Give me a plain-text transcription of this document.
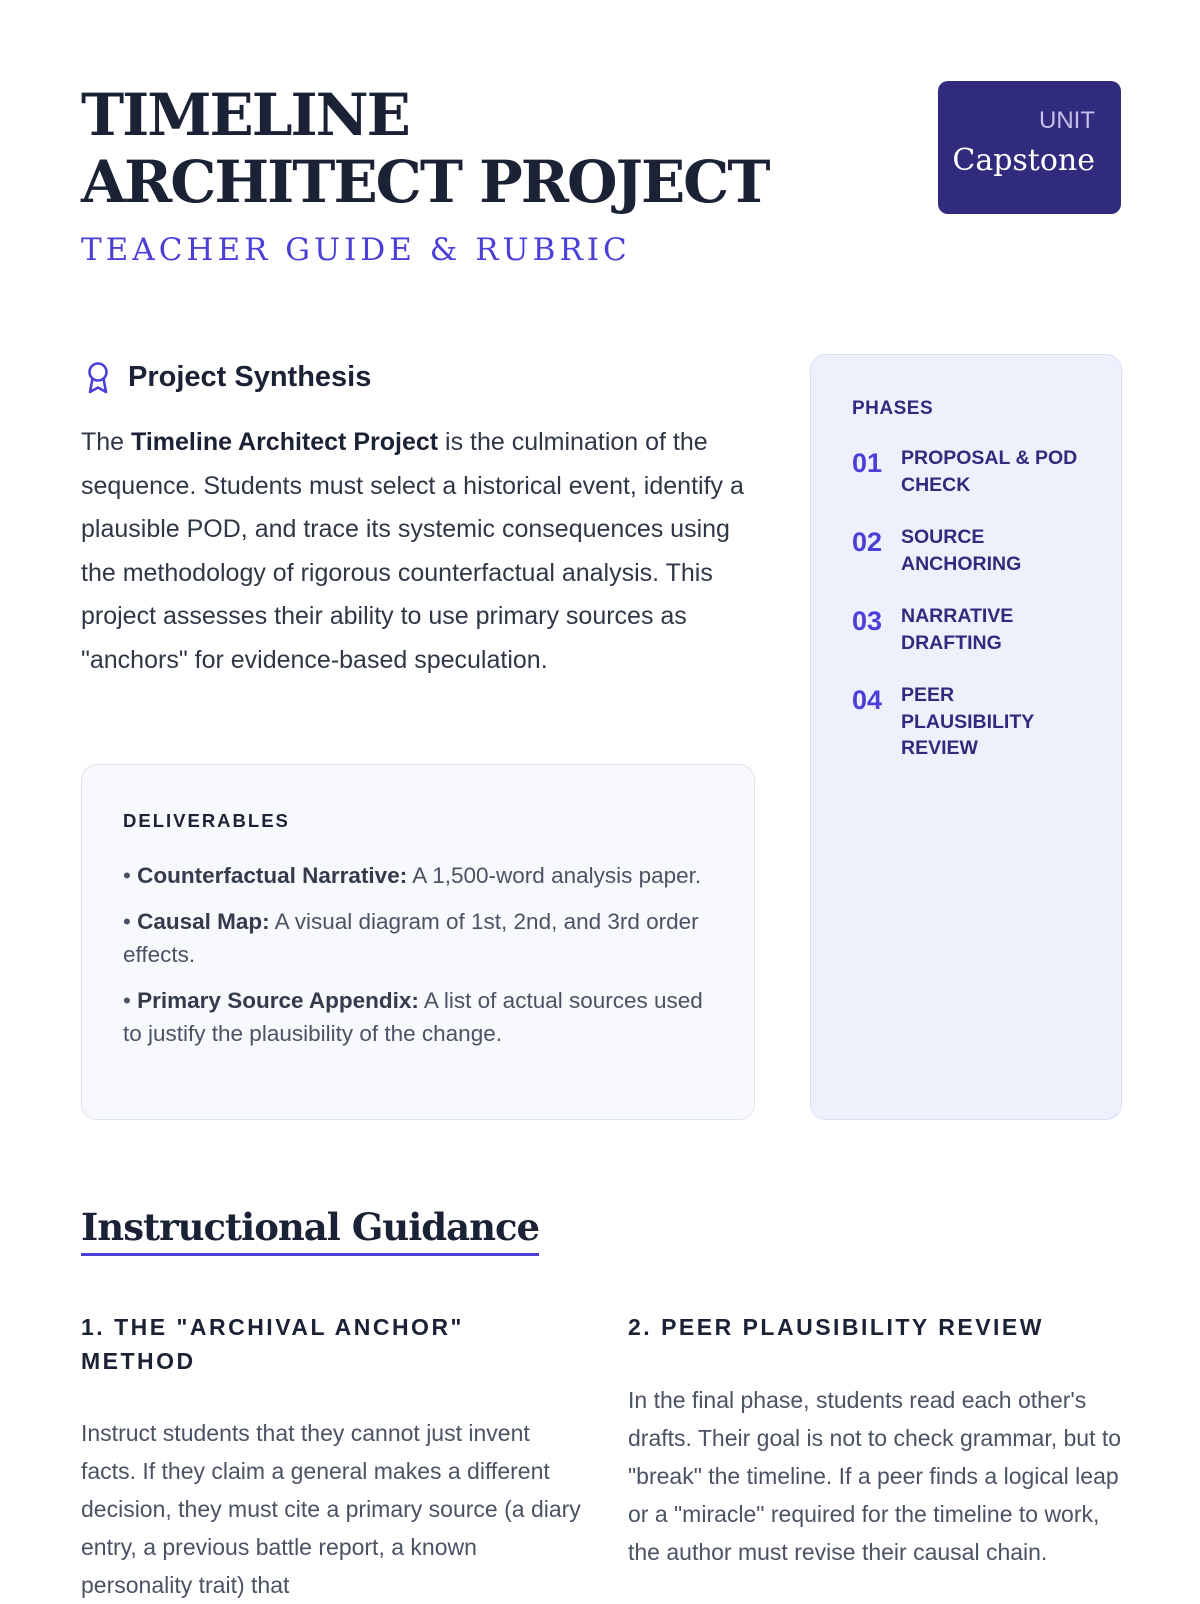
TIMELINE ARCHITECT PROJECT
TEACHER GUIDE & RUBRIC
UNIT
Capstone
Project Synthesis

The Timeline Architect Project is the culmination of the sequence. Students must select a historical event, identify a plausible POD, and trace its systemic consequences using the methodology of rigorous counterfactual analysis. This project assesses their ability to use primary sources as "anchors" for evidence-based speculation.

DELIVERABLES
• Counterfactual Narrative: A 1,500-word analysis paper.
• Causal Map: A visual diagram of 1st, 2nd, and 3rd order effects.
• Primary Source Appendix: A list of actual sources used to justify the plausibility of the change.
PHASES
01 PROPOSAL & POD CHECK
02 SOURCE ANCHORING
03 NARRATIVE DRAFTING
04 PEER PLAUSIBILITY REVIEW
Instructional Guidance
1. THE "ARCHIVAL ANCHOR" METHOD

Instruct students that they cannot just invent facts. If they claim a general makes a different decision, they must cite a primary source (a diary entry, a previous battle report, a known personality trait) that

2. PEER PLAUSIBILITY REVIEW

In the final phase, students read each other's drafts. Their goal is not to check grammar, but to "break" the timeline. If a peer finds a logical leap or a "miracle" required for the timeline to work, the author must revise their causal chain.
